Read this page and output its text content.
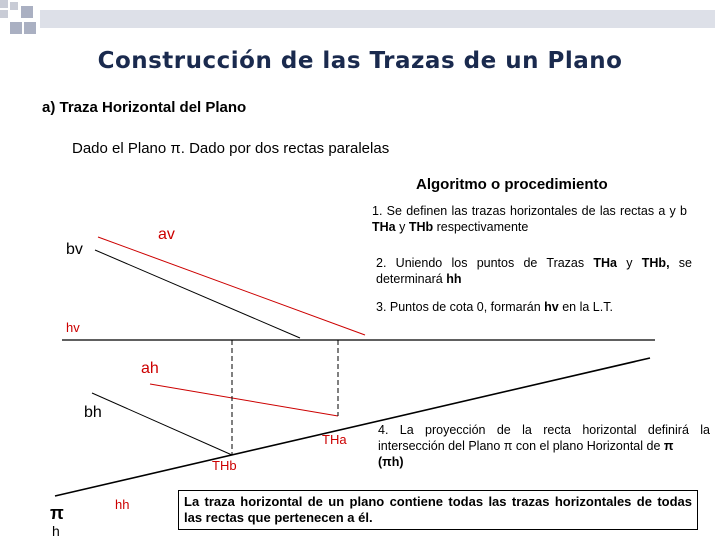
Construcción de las Trazas de un Plano
a) Traza Horizontal del Plano
Dado el Plano π. Dado por dos rectas paralelas
Algoritmo o procedimiento
1. Se definen las trazas horizontales de las rectas a y b THa y THb respectivamente
2. Uniendo los puntos de Trazas THa y THb, se determinará hh
3. Puntos de cota 0, formarán hv en la L.T.
4. La proyección de la recta horizontal definirá la intersección del Plano π con el plano Horizontal de π
(πh)
La traza horizontal de un plano contiene todas las trazas horizontales de todas las rectas que pertenecen a él.
av
bv
hv
ah
bh
THa
THb
hh
π
h
